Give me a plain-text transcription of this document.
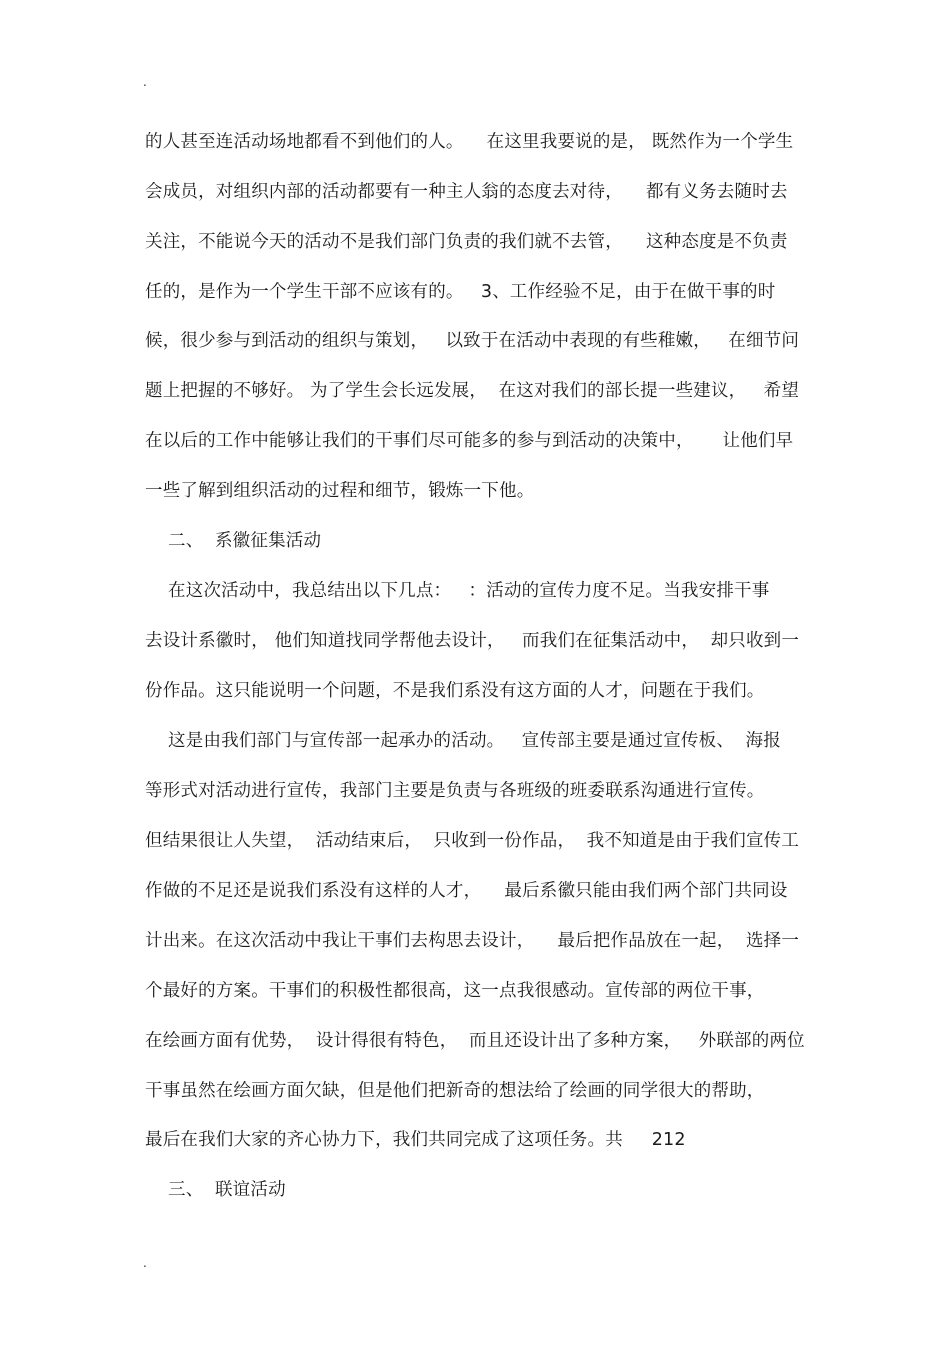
.
的人甚至连活动场地都看不到他们的人。    在这里我要说的是， 既然作为一个学生
会成员，对组织内部的活动都要有一种主人翁的态度去对待，    都有义务去随时去
关注，不能说今天的活动不是我们部门负责的我们就不去管，    这种态度是不负责
任的，是作为一个学生干部不应该有的。   3、工作经验不足，由于在做干事的时
候，很少参与到活动的组织与策划，   以致于在活动中表现的有些稚嫩，   在细节问
题上把握的不够好。 为了学生会长远发展，  在这对我们的部长提一些建议，   希望
在以后的工作中能够让我们的干事们尽可能多的参与到活动的决策中，     让他们早
一些了解到组织活动的过程和细节，锻炼一下他。
二、  系徽征集活动
在这次活动中，我总结出以下几点：   ：活动的宣传力度不足。当我安排干事
去设计系徽时， 他们知道找同学帮他去设计，   而我们在征集活动中，  却只收到一
份作品。这只能说明一个问题，不是我们系没有这方面的人才，问题在于我们。
这是由我们部门与宣传部一起承办的活动。   宣传部主要是通过宣传板、  海报
等形式对活动进行宣传，我部门主要是负责与各班级的班委联系沟通进行宣传。
但结果很让人失望，  活动结束后，  只收到一份作品，  我不知道是由于我们宣传工
作做的不足还是说我们系没有这样的人才，    最后系徽只能由我们两个部门共同设
计出来。在这次活动中我让干事们去构思去设计，    最后把作品放在一起，  选择一
个最好的方案。干事们的积极性都很高，这一点我很感动。宣传部的两位干事，
在绘画方面有优势，  设计得很有特色，  而且还设计出了多种方案，   外联部的两位
干事虽然在绘画方面欠缺，但是他们把新奇的想法给了绘画的同学很大的帮助，
最后在我们大家的齐心协力下，我们共同完成了这项任务。共     212
三、  联谊活动
.
